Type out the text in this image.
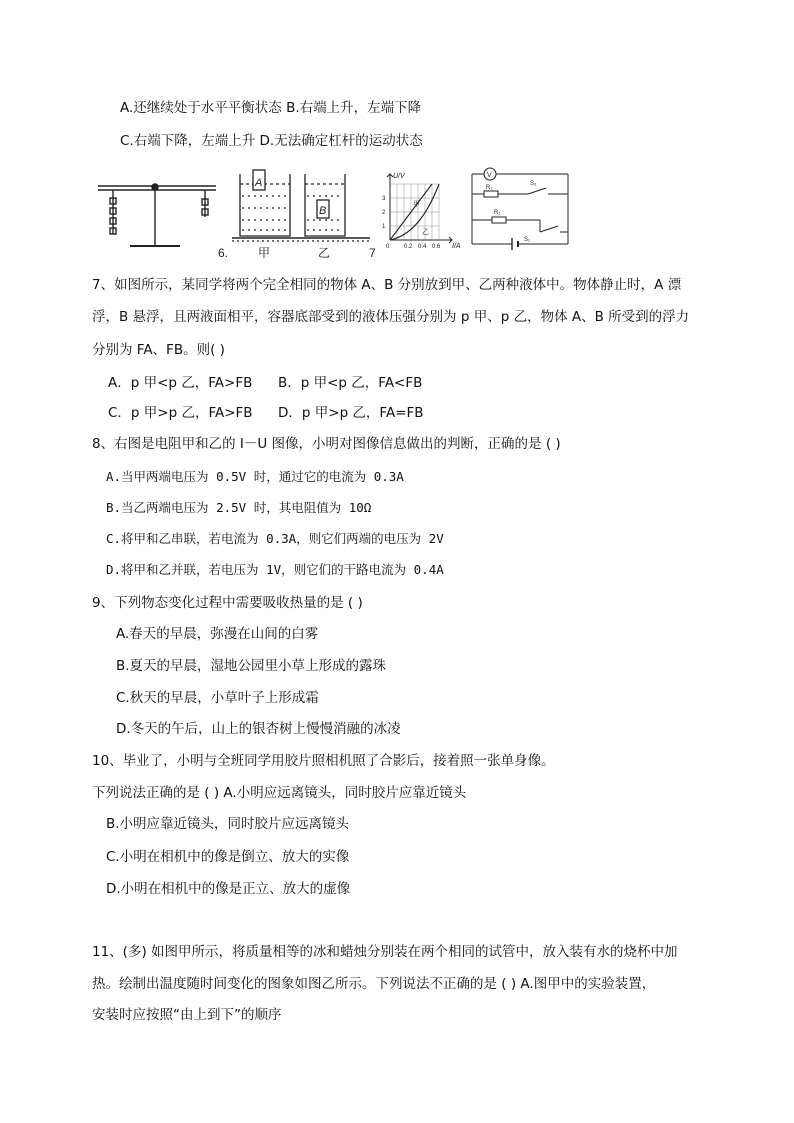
A.还继续处于水平平衡状态 B.右端上升，左端下降
C.右端下降，左端上升 D.无法确定杠杆的运动状态
6.
A
B
甲	乙	7
U/V
I/A
甲
乙
0 0.2 0.4 0.6
1
2
3
V
R₂
R₁
S₂
S₁
7、如图所示，某同学将两个完全相同的物体 A、B 分别放到甲、乙两种液体中。物体静止时，A 漂
浮，B 悬浮，且两液面相平，容器底部受到的液体压强分别为 p 甲、p 乙，物体 A、B 所受到的浮力
分别为 FA、FB。则( )
A．p 甲<p 乙，FA>FB B．p 甲<p 乙，FA<FB
C．p 甲>p 乙，FA>FB D．p 甲>p 乙，FA=FB
8、右图是电阻甲和乙的 I－U 图像，小明对图像信息做出的判断，正确的是 ( )
A.当甲两端电压为 0.5V 时，通过它的电流为 0.3A
B.当乙两端电压为 2.5V 时，其电阻值为 10Ω
C.将甲和乙串联，若电流为 0.3A，则它们两端的电压为 2V
D.将甲和乙并联，若电压为 1V，则它们的干路电流为 0.4A
9、下列物态变化过程中需要吸收热量的是 ( )
A.春天的早晨，弥漫在山间的白雾
B.夏天的早晨，湿地公园里小草上形成的露珠
C.秋天的早晨，小草叶子上形成霜
D.冬天的午后，山上的银杏树上慢慢消融的冰凌
10、毕业了，小明与全班同学用胶片照相机照了合影后，接着照一张单身像。
下列说法正确的是 ( ) A.小明应远离镜头，同时胶片应靠近镜头
B.小明应靠近镜头，同时胶片应远离镜头
C.小明在相机中的像是倒立、放大的实像
D.小明在相机中的像是正立、放大的虚像
11、(多) 如图甲所示，将质量相等的冰和蜡烛分别装在两个相同的试管中，放入装有水的烧杯中加
热。绘制出温度随时间变化的图象如图乙所示。下列说法不正确的是 ( ) A.图甲中的实验装置，
安装时应按照“由上到下”的顺序
